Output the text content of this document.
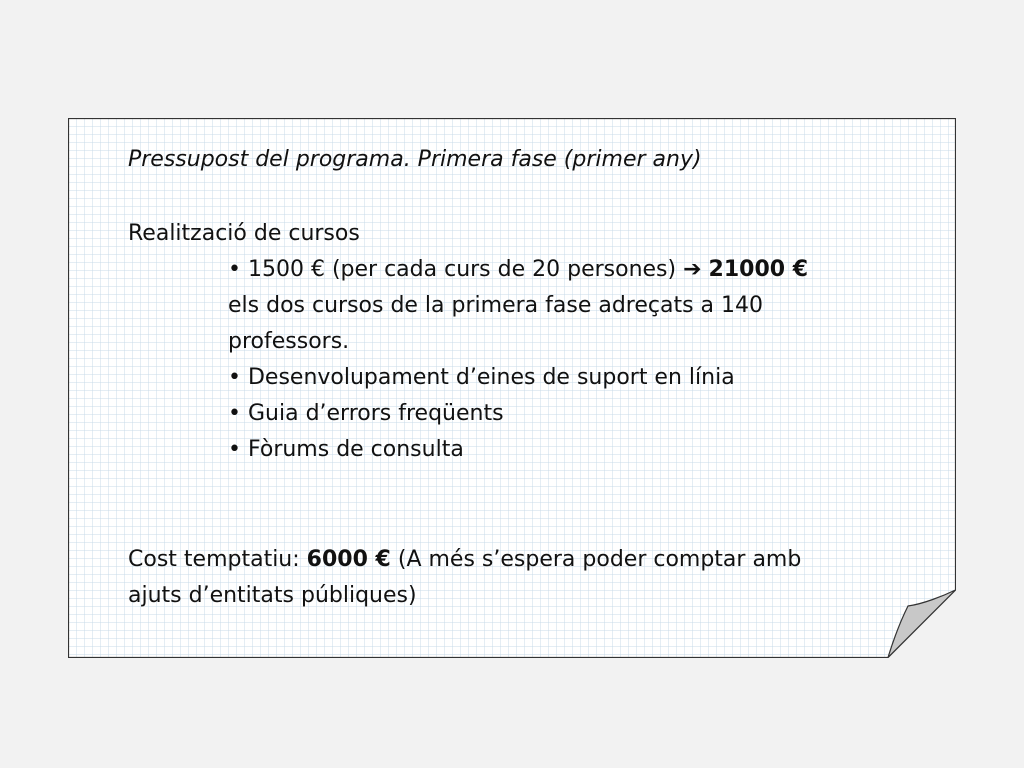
Pressupost del programa. Primera fase (primer any)
Realització de cursos
• 1500 € (per cada curs de 20 persones) ➔ 21000 €
els dos cursos de la primera fase adreçats a 140
professors.
• Desenvolupament d’eines de suport en línia
• Guia d’errors freqüents
• Fòrums de consulta
Cost temptatiu: 6000 € (A més s’espera poder comptar amb
ajuts d’entitats públiques)
